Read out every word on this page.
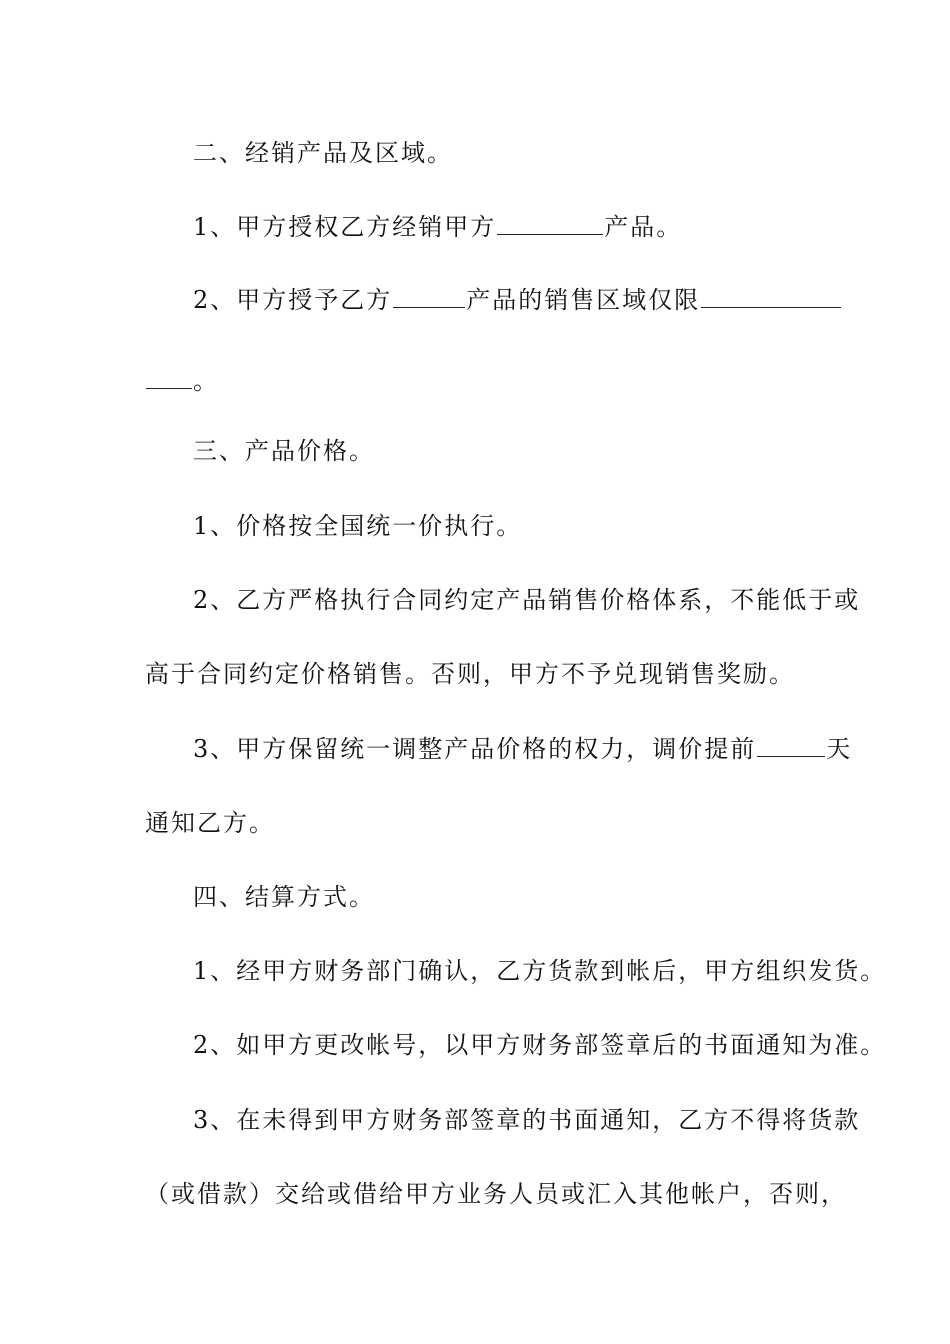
二、经销产品及区域。
1、甲方授权乙方经销甲方	产品。
2、甲方授予乙方	产品的销售区域仅限
。
三、产品价格。
1、价格按全国统一价执行。
2、乙方严格执行合同约定产品销售价格体系，不能低于或
高于合同约定价格销售。否则，甲方不予兑现销售奖励。
3、甲方保留统一调整产品价格的权力，调价提前	天
通知乙方。
四、结算方式。
1、经甲方财务部门确认，乙方货款到帐后，甲方组织发货。
2、如甲方更改帐号，以甲方财务部签章后的书面通知为准。
3、在未得到甲方财务部签章的书面通知，乙方不得将货款
（或借款）交给或借给甲方业务人员或汇入其他帐户，否则，
